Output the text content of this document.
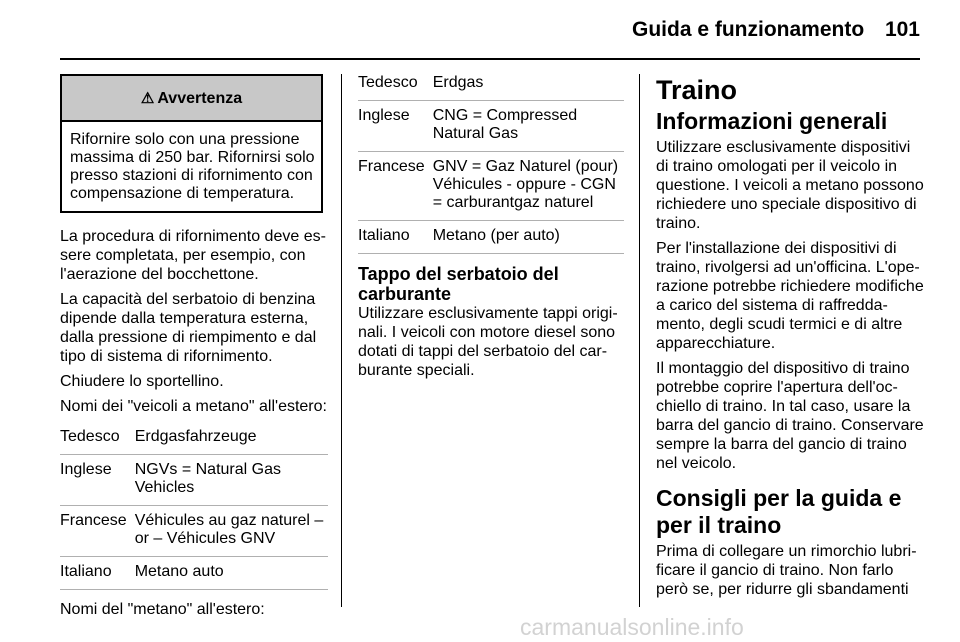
Guida e funzionamento 101
⚠ Avvertenza
Rifornire solo con una pressione massima di 250 bar. Rifornirsi solo presso stazioni di rifornimento con compensazione di temperatura.

La procedura di rifornimento deve essere completata, per esempio, con l'aerazione del bocchettone.

La capacità del serbatoio di benzina dipende dalla temperatura esterna, dalla pressione di riempimento e dal tipo di sistema di rifornimento.

Chiudere lo sportellino.

Nomi dei "veicoli a metano" all'estero:

Tedesco	Erdgasfahrzeuge
Inglese	NGVs = Natural Gas Vehicles
Francese	Véhicules au gaz naturel – or – Véhicules GNV
Italiano	Metano auto

Nomi del "metano" all'estero:

Tedesco	Erdgas
Inglese	CNG = Compressed Natural Gas
Francese	GNV = Gaz Naturel (pour) Véhicules - oppure - CGN = carburantgaz naturel
Italiano	Metano (per auto)
Tappo del serbatoio del carburante

Utilizzare esclusivamente tappi originali. I veicoli con motore diesel sono dotati di tappi del serbatoio del carburante speciali.

Traino
Informazioni generali

Utilizzare esclusivamente dispositivi di traino omologati per il veicolo in questione. I veicoli a metano possono richiedere uno speciale dispositivo di traino.

Per l'installazione dei dispositivi di traino, rivolgersi ad un'officina. L'operazione potrebbe richiedere modifiche a carico del sistema di raffreddamento, degli scudi termici e di altre apparecchiature.

Il montaggio del dispositivo di traino potrebbe coprire l'apertura dell'occhiello di traino. In tal caso, usare la barra del gancio di traino. Conservare sempre la barra del gancio di traino nel veicolo.

Consigli per la guida e per il traino

Prima di collegare un rimorchio lubrificare il gancio di traino. Non farlo però se, per ridurre gli sbandamenti

carmanualsonline.info
